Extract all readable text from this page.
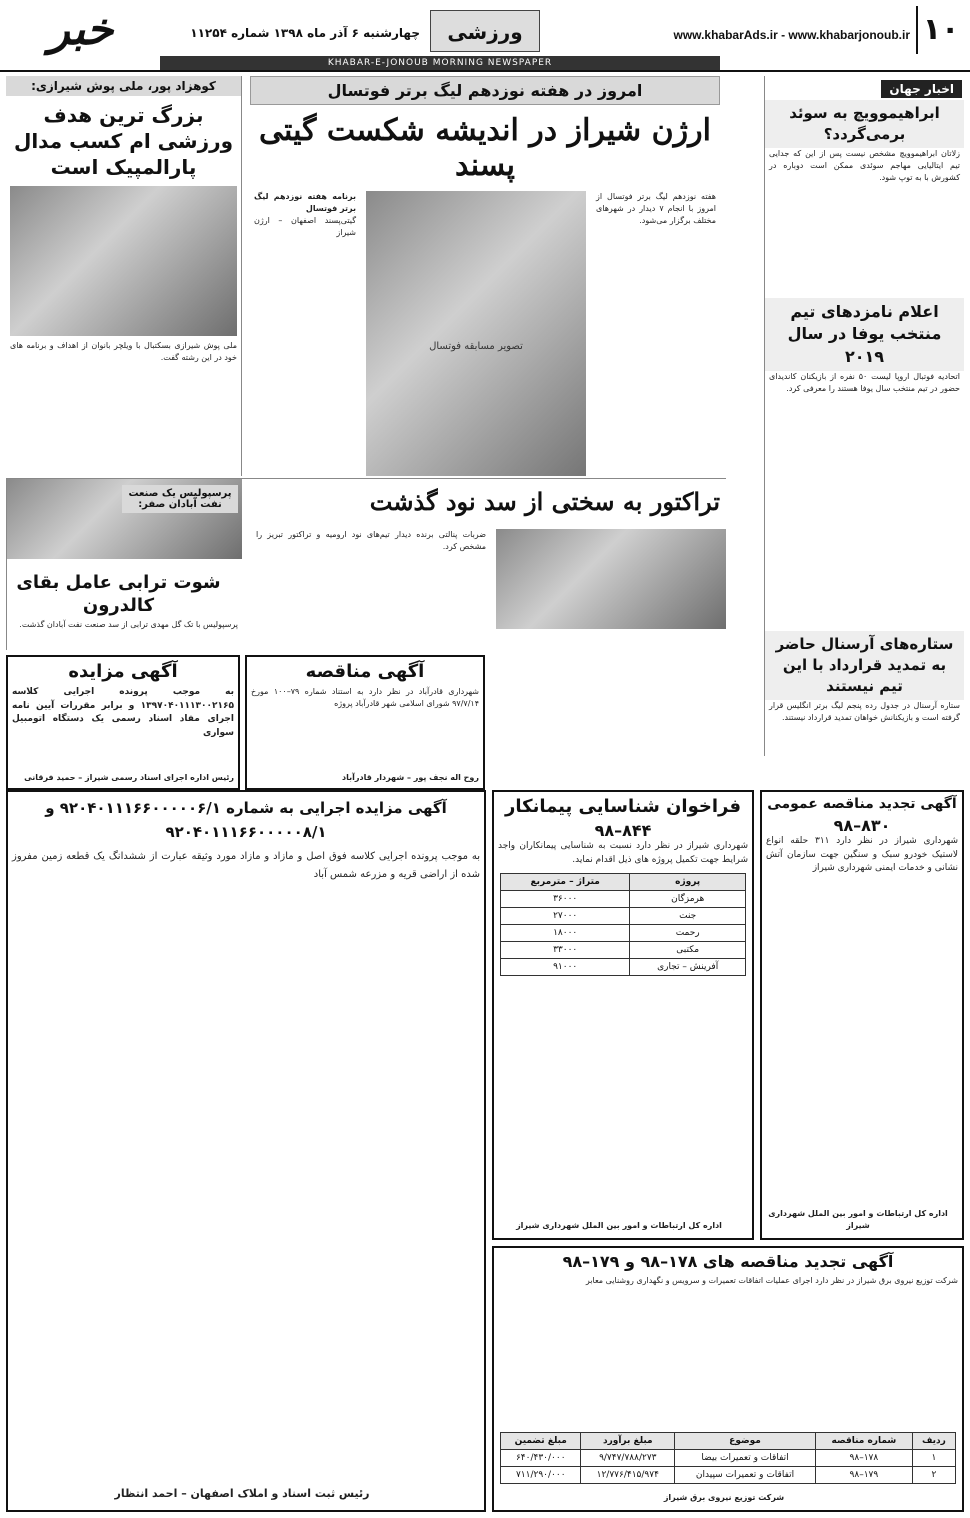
۱۰
www.khabarAds.ir - www.khabarjonoub.ir
ورزشی
چهارشنبه ۶ آذر ماه ۱۳۹۸ شماره ۱۱۲۵۴
خبر
KHABAR-E-JONOUB MORNING NEWSPAPER
اخبار جهان
ابراهیموویچ به سوئد برمی‌گردد؟
زلاتان ابراهیموویچ مشخص نیست پس از این که جدایی تیم ایتالیایی مهاجم سوئدی ممکن است دوباره در کشورش با به توپ شود.
اعلام نامزدهای تیم منتخب یوفا در سال ۲۰۱۹
اتحادیه فوتبال اروپا لیست ۵۰ نفره از بازیکنان کاندیدای حضور در تیم منتخب سال یوفا هستند را معرفی کرد.
ستاره‌های آرسنال حاضر به تمدید قرارداد با این تیم نیستند
ستاره آرسنال در جدول رده پنجم لیگ برتر انگلیس قرار گرفته است و بازیکنانش خواهان تمدید قرارداد نیستند.
امروز در هفته نوزدهم لیگ برتر فوتسال
ارژن شیراز در اندیشه شکست گیتی پسند
هفته نوزدهم لیگ برتر فوتسال از امروز با انجام ۷ دیدار در شهرهای مختلف برگزار می‌شود.
تصویر مسابقه فوتسال
برنامه هفته نوزدهم لیگ برتر فوتسال
گیتی‌پسند اصفهان – ارژن شیراز
کوهزاد پور، ملی پوش شیرازی:
بزرگ ترین هدف ورزشی ام کسب مدال پارالمپیک است
ملی پوش شیرازی بسکتبال با ویلچر بانوان از اهداف و برنامه های خود در این رشته گفت.
پرسپولیس یک صنعت نفت آبادان صفر:
شوت ترابی عامل بقای کالدرون
پرسپولیس با تک گل مهدی ترابی از سد صنعت نفت آبادان گذشت.
تراکتور به سختی از سد نود گذشت
ضربات پنالتی برنده دیدار تیم‌های نود ارومیه و تراکتور تبریز را مشخص کرد.
آگهی مزایده
به موجب پرونده اجرایی کلاسه ۱۳۹۷۰۴۰۱۱۱۳۰۰۲۱۶۵ و برابر مقررات آیین نامه اجرای مفاد اسناد رسمی یک دستگاه اتومبیل سواری
رئیس اداره اجرای اسناد رسمی شیراز – حمید فرقانی
آگهی مناقصه
شهرداری قادرآباد در نظر دارد به استناد شماره ۷۹–۱۰۰ مورخ ۹۷/۷/۱۴ شورای اسلامی شهر قادرآباد پروژه
روح اله نجف پور – شهردار قادرآباد
فراخوان شناسایی پیمانکار
۹۸–۸۴۴
شهرداری شیراز در نظر دارد نسبت به شناسایی پیمانکاران واجد شرایط جهت تکمیل پروژه های ذیل اقدام نماید.
پروژه	متراژ – مترمربع
هرمزگان	۳۶۰۰۰
جنت	۲۷۰۰۰
رحمت	۱۸۰۰۰
مکتبی	۳۳۰۰۰
آفرینش – تجاری	۹۱۰۰۰
اداره کل ارتباطات و امور بین الملل شهرداری شیراز
آگهی تجدید مناقصه عمومی
۹۸–۸۳۰
شهرداری شیراز در نظر دارد ۳۱۱ حلقه انواع لاستیک خودرو سبک و سنگین جهت سازمان آتش نشانی و خدمات ایمنی شهرداری شیراز
اداره کل ارتباطات و امور بین الملل شهرداری شیراز
آگهی مزایده اجرایی به شماره ۹۲۰۴۰۱۱۱۶۶۰۰۰۰۰۶/۱ و ۹۲۰۴۰۱۱۱۶۶۰۰۰۰۰۸/۱
به موجب پرونده اجرایی کلاسه فوق اصل و مازاد و مازاد مورد وثیقه عبارت از ششدانگ یک قطعه زمین مفروز شده از اراضی قریه و مزرعه شمس آباد
رئیس ثبت اسناد و املاک اصفهان – احمد انتظار
آگهی تجدید مناقصه های ۱۷۸–۹۸ و ۱۷۹–۹۸
شرکت توزیع نیروی برق شیراز در نظر دارد اجرای عملیات اتفاقات تعمیرات و سرویس و نگهداری روشنایی معابر
ردیف	شماره مناقصه	موضوع	مبلغ برآورد	مبلغ تضمین
۱	۱۷۸–۹۸	اتفاقات و تعمیرات بیضا	۹/۷۴۷/۷۸۸/۲۷۳	۶۴۰/۴۳۰/۰۰۰
۲	۱۷۹–۹۸	اتفاقات و تعمیرات سپیدان	۱۲/۷۷۶/۴۱۵/۹۷۴	۷۱۱/۲۹۰/۰۰۰
شرکت توزیع نیروی برق شیراز
